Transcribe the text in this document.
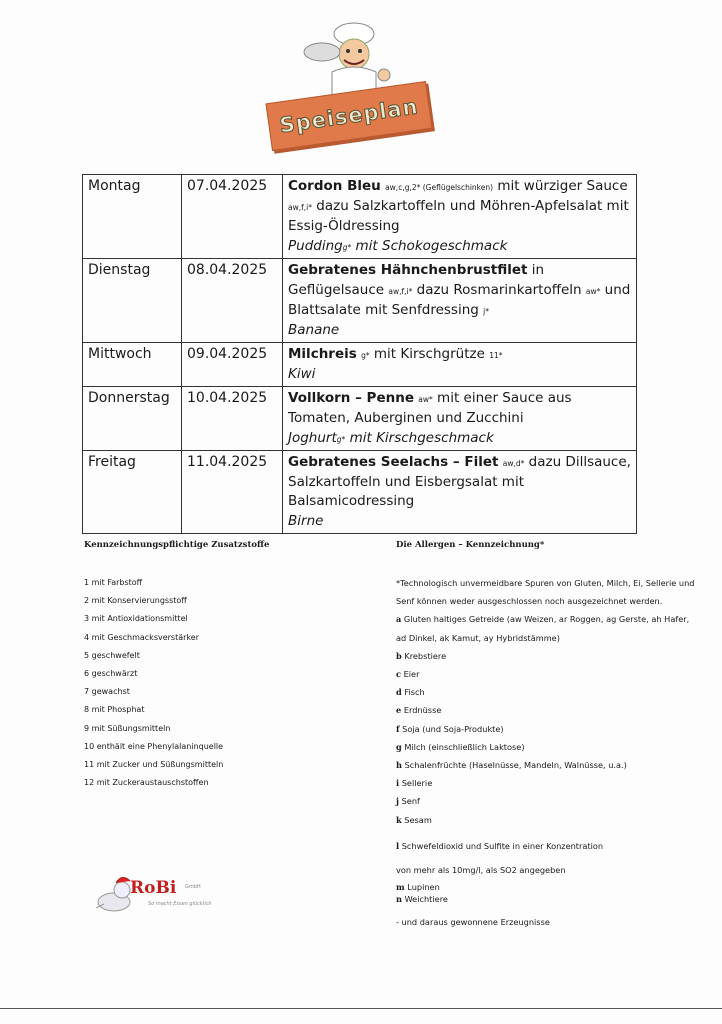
Speiseplan
Montag	07.04.2025	Cordon Bleu aw,c,g,2* (Geflügelschinken) mit würziger Sauce aw,f,i* dazu Salzkartoffeln und Möhren-Apfelsalat mit Essig-Öldressing
Puddingg* mit Schokogeschmack

Dienstag	08.04.2025	Gebratenes Hähnchenbrustfilet in Geflügelsauce aw,f,i* dazu Rosmarinkartoffeln aw* und Blattsalate mit Senfdressing j*
Banane

Mittwoch	09.04.2025	Milchreis g* mit Kirschgrütze 11*
Kiwi

Donnerstag	10.04.2025	Vollkorn – Penne aw* mit einer Sauce aus Tomaten, Auberginen und Zucchini
Joghurtg* mit Kirschgeschmack

Freitag	11.04.2025	Gebratenes Seelachs – Filet aw,d* dazu Dillsauce, Salzkartoffeln und Eisbergsalat mit Balsamicodressing
Birne
Kennzeichnungspflichtige Zusatzstoffe
1 mit Farbstoff
2 mit Konservierungsstoff
3 mit Antioxidationsmittel
4 mit Geschmacksverstärker
5 geschwefelt
6 geschwärzt
7 gewachst
8 mit Phosphat
9 mit Süßungsmitteln
10 enthält eine Phenylalaninquelle
11 mit Zucker und Süßungsmitteln
12 mit Zuckeraustauschstoffen
Die Allergen – Kennzeichnung*
*Technologisch unvermeidbare Spuren von Gluten, Milch, Ei, Sellerie und Senf können weder ausgeschlossen noch ausgezeichnet werden.
a Gluten haltiges Getreide (aw Weizen, ar Roggen, ag Gerste, ah Hafer, ad Dinkel, ak Kamut, ay Hybridstämme)
b Krebstiere
c Eier
d Fisch
e Erdnüsse
f Soja (und Soja-Produkte)
g Milch (einschließlich Laktose)
h Schalenfrüchte (Haselnüsse, Mandeln, Walnüsse, u.a.)
i Sellerie
j Senf
k Sesam
l Schwefeldioxid und Sulfite in einer Konzentration
von mehr als 10mg/l, als SO2 angegeben
m Lupinen
n Weichtiere
- und daraus gewonnene Erzeugnisse
RoBi GmbH
So macht Essen glücklich
